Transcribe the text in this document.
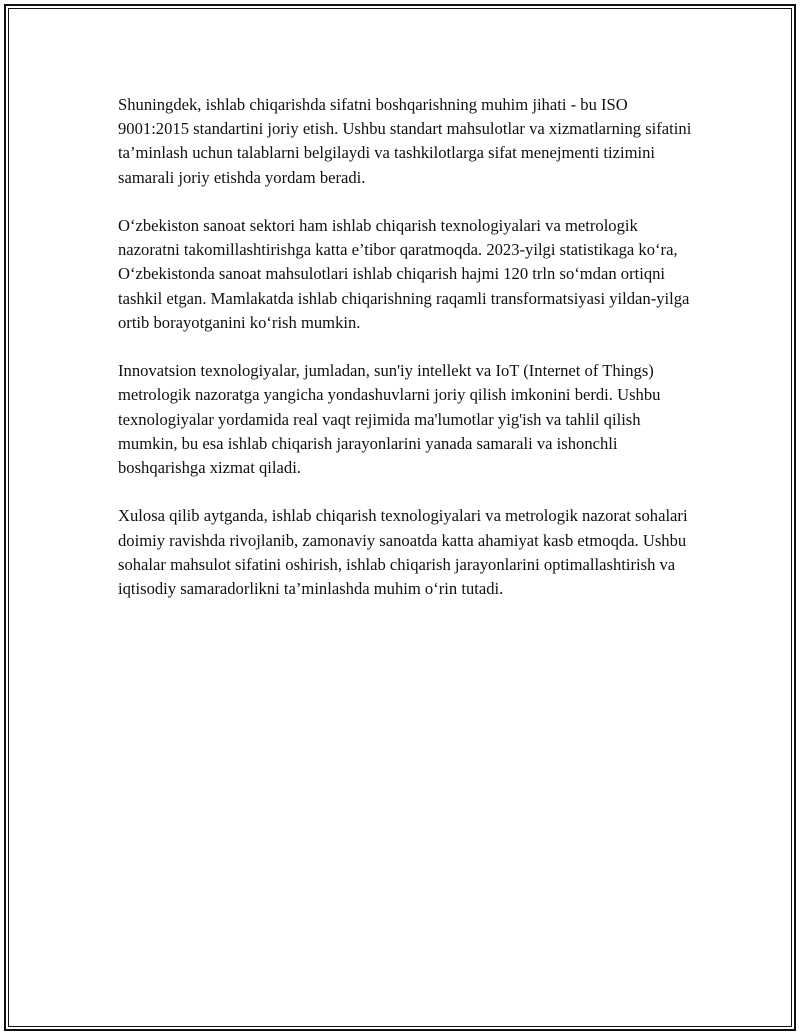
Shuningdek, ishlab chiqarishda sifatni boshqarishning muhim jihati - bu ISO 9001:2015 standartini joriy etish. Ushbu standart mahsulotlar va xizmatlarning sifatini ta’minlash uchun talablarni belgilaydi va tashkilotlarga sifat menejmenti tizimini samarali joriy etishda yordam beradi.

O‘zbekiston sanoat sektori ham ishlab chiqarish texnologiyalari va metrologik nazoratni takomillashtirishga katta e’tibor qaratmoqda. 2023-yilgi statistikaga ko‘ra, O‘zbekistonda sanoat mahsulotlari ishlab chiqarish hajmi 120 trln so‘mdan ortiqni tashkil etgan. Mamlakatda ishlab chiqarishning raqamli transformatsiyasi yildan-yilga ortib borayotganini ko‘rish mumkin.

Innovatsion texnologiyalar, jumladan, sun'iy intellekt va IoT (Internet of Things) metrologik nazoratga yangicha yondashuvlarni joriy qilish imkonini berdi. Ushbu texnologiyalar yordamida real vaqt rejimida ma'lumotlar yig'ish va tahlil qilish mumkin, bu esa ishlab chiqarish jarayonlarini yanada samarali va ishonchli boshqarishga xizmat qiladi.

Xulosa qilib aytganda, ishlab chiqarish texnologiyalari va metrologik nazorat sohalari doimiy ravishda rivojlanib, zamonaviy sanoatda katta ahamiyat kasb etmoqda. Ushbu sohalar mahsulot sifatini oshirish, ishlab chiqarish jarayonlarini optimallashtirish va iqtisodiy samaradorlikni ta’minlashda muhim o‘rin tutadi.
